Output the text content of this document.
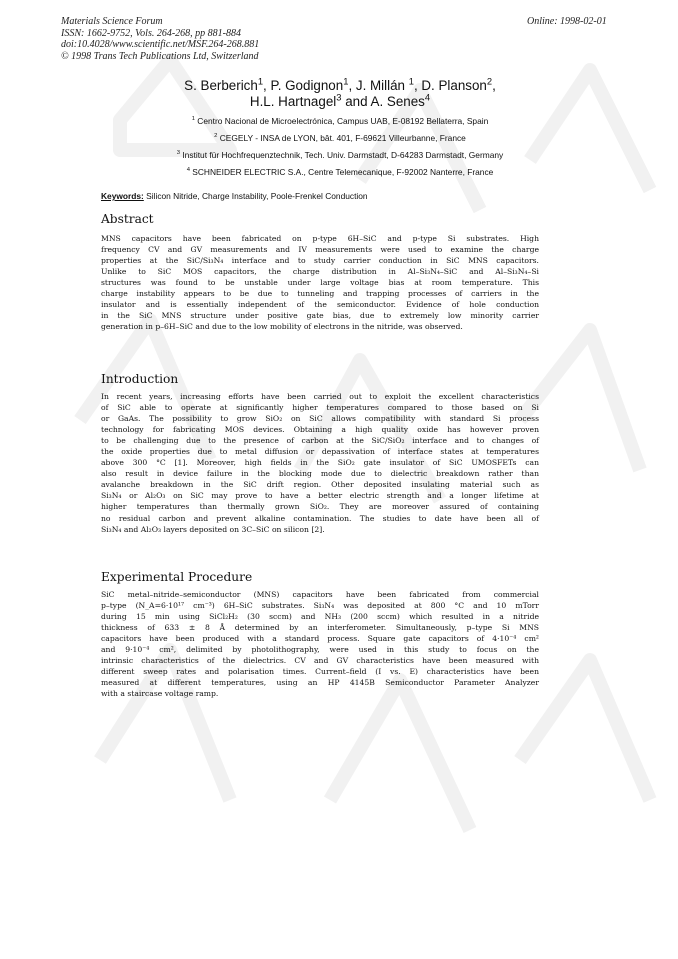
Materials Science Forum
ISSN: 1662-9752, Vols. 264-268, pp 881-884
doi:10.4028/www.scientific.net/MSF.264-268.881
© 1998 Trans Tech Publications Ltd, Switzerland
Online: 1998-02-01
S. Berberich$^1$, P. Godignon$^1$, J. Millán $^1$, D. Planson$^2$,
H.L. Hartnagel$^3$ and A. Senes$^4$
$^1$ Centro Nacional de Microelectrónica, Campus UAB, E-08192 Bellaterra, Spain
$^2$ CEGELY - INSA de LYON, bât. 401, F-69621 Villeurbanne, France
$^3$ Institut für Hochfrequenztechnik, Tech. Univ. Darmstadt, D-64283 Darmstadt, Germany
$^4$ SCHNEIDER ELECTRIC S.A., Centre Telemecanique, F-92002 Nanterre, France
Keywords: Silicon Nitride, Charge Instability, Poole-Frenkel Conduction
Abstract
MNS capacitors have been fabricated on p-type 6H–SiC and p-type Si substrates. High
frequency CV and GV measurements and IV measurements were used to examine the charge
properties at the SiC/Si₃N₄ interface and to study carrier conduction in SiC MNS capacitors.
Unlike to SiC MOS capacitors, the charge distribution in Al–Si₃N₄–SiC and Al–Si₃N₄–Si
structures was found to be unstable under large voltage bias at room temperature. This
charge instability appears to be due to tunneling and trapping processes of carriers in the
insulator and is essentially independent of the semiconductor. Evidence of hole conduction
in the SiC MNS structure under positive gate bias, due to extremely low minority carrier
generation in p–6H–SiC and due to the low mobility of electrons in the nitride, was observed.
Introduction
In recent years, increasing efforts have been carried out to exploit the excellent characteristics
of SiC able to operate at significantly higher temperatures compared to those based on Si
or GaAs. The possibility to grow SiO₂ on SiC allows compatibility with standard Si process
technology for fabricating MOS devices. Obtaining a high quality oxide has however proven
to be challenging due to the presence of carbon at the SiC/SiO₂ interface and to changes of
the oxide properties due to metal diffusion or depassivation of interface states at temperatures
above 300 °C [1]. Moreover, high fields in the SiO₂ gate insulator of SiC UMOSFETs can
also result in device failure in the blocking mode due to dielectric breakdown rather than
avalanche breakdown in the SiC drift region. Other deposited insulating material such as
Si₃N₄ or Al₂O₃ on SiC may prove to have a better electric strength and a longer lifetime at
higher temperatures than thermally grown SiO₂. They are moreover assured of containing
no residual carbon and prevent alkaline contamination. The studies to date have been all of
Si₃N₄ and Al₂O₃ layers deposited on 3C–SiC on silicon [2].
Experimental Procedure
SiC metal–nitride–semiconductor (MNS) capacitors have been fabricated from commercial
p–type (N_A=6·10¹⁷ cm⁻³) 6H–SiC substrates. Si₃N₄ was deposited at 800 °C and 10 mTorr
during 15 min using SiCl₂H₂ (30 sccm) and NH₃ (200 sccm) which resulted in a nitride
thickness of 633 ± 8 Å determined by an interferometer. Simultaneously, p–type Si MNS
capacitors have been produced with a standard process. Square gate capacitors of 4·10⁻⁴ cm²
and 9·10⁻⁴ cm², delimited by photolithography, were used in this study to focus on the
intrinsic characteristics of the dielectrics. CV and GV characteristics have been measured with
different sweep rates and polarisation times. Current–field (I vs. E) characteristics have been
measured at different temperatures, using an HP 4145B Semiconductor Parameter Analyzer
with a staircase voltage ramp.
